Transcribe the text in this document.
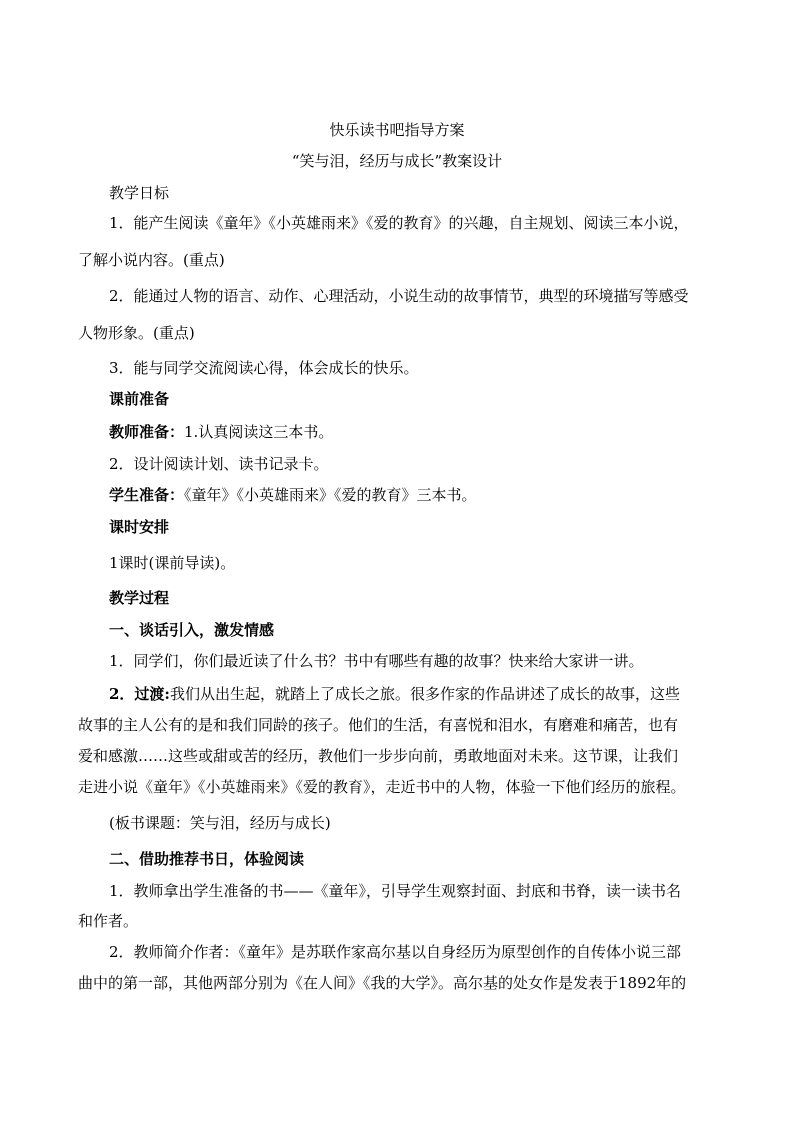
快乐读书吧指导方案
“笑与泪，经历与成长”教案设计
教学日标
1．能产生阅读《童年》《小英雄雨来》《爱的教育》的兴趣，自主规划、阅读三本小说，
了解小说内容。(重点)
2．能通过人物的语言、动作、心理活动，小说生动的故事情节，典型的环境描写等感受
人物形象。(重点)
3．能与同学交流阅读心得，体会成长的快乐。
课前准备
教师准备：1.认真阅读这三本书。
2．设计阅读计划、读书记录卡。
学生准备：《童年》《小英雄雨来》《爱的教育》三本书。
课时安排
1课时(课前导读)。
教学过程
一、谈话引入，激发情感
1．同学们，你们最近读了什么书？书中有哪些有趣的故事？快来给大家讲一讲。
2．过渡:我们从出生起，就踏上了成长之旅。很多作家的作品讲述了成长的故事，这些
故事的主人公有的是和我们同龄的孩子。他们的生活，有喜悦和泪水，有磨难和痛苦，也有
爱和感激……这些或甜或苦的经历，教他们一步步向前，勇敢地面对未来。这节课，让我们
走进小说《童年》《小英雄雨来》《爱的教育》，走近书中的人物，体验一下他们经历的旅程。
(板书课题：笑与泪，经历与成长)
二、借助推荐书日，体验阅读
1．教师拿出学生准备的书——《童年》，引导学生观察封面、封底和书脊，读一读书名
和作者。
2．教师简介作者：《童年》是苏联作家高尔基以自身经历为原型创作的自传体小说三部
曲中的第一部，其他两部分别为《在人间》《我的大学》。高尔基的处女作是发表于1892年的
